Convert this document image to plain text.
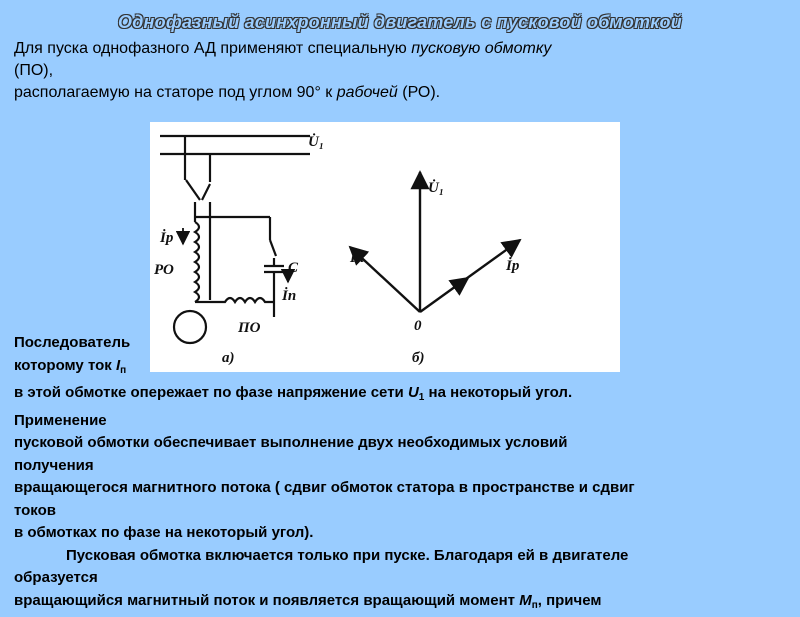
Однофазный асинхронный двигатель с пусковой обмоткой
Для пуска однофазного АД применяют специальную пусковую обмотку
(ПО),
располагаемую на статоре под углом 90° к рабочей (РО).
U̇₁
İр
РО	С
İп
ПО
а)
U̇₁
İп	İр
0
б)
Последователь
которому ток $I_п$
в этой обмотке опережает по фазе напряжение сети $U_1$ на некоторый угол.
Применение
пусковой обмотки обеспечивает выполнение двух необходимых условий
получения
вращающегося магнитного потока ( сдвиг обмоток статора в пространстве и сдвиг
токов
в обмотках по фазе на некоторый угол).
Пусковая обмотка включается только при пуске. Благодаря ей в двигателе
образуется
вращающийся магнитный поток и появляется вращающий момент $М_п$, причем
